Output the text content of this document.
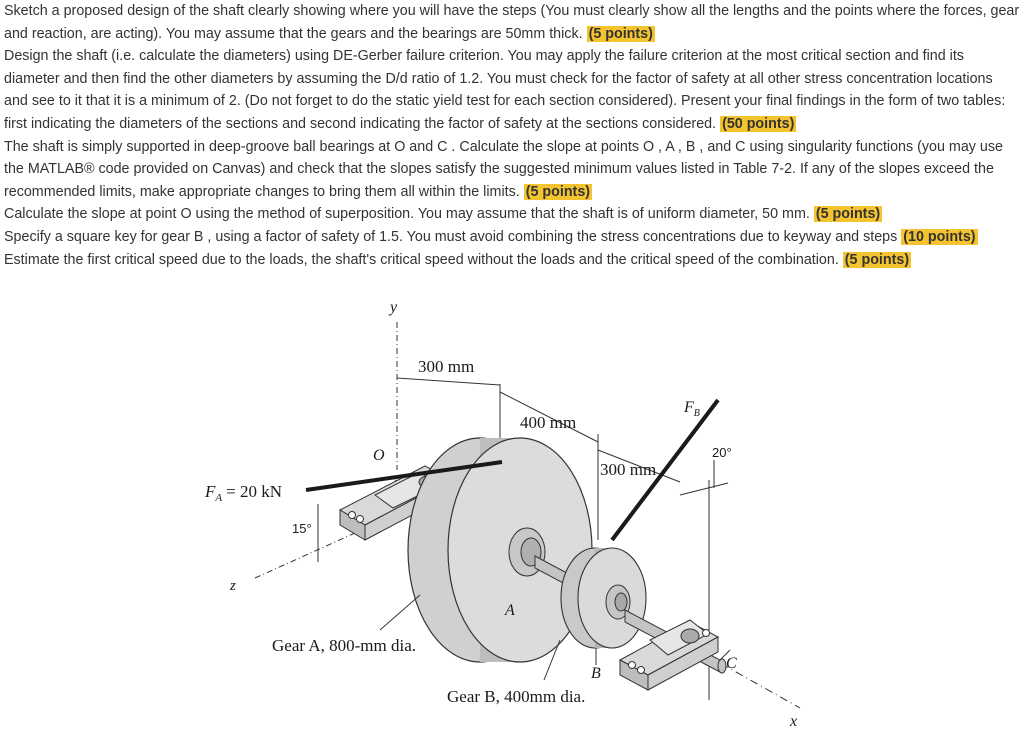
Sketch a proposed design of the shaft clearly showing where you will have the steps (You must clearly show all the lengths and the points where the forces, gear and reaction, are acting). You may assume that the gears and the bearings are 50mm thick. (5 points)

Design the shaft (i.e. calculate the diameters) using DE-Gerber failure criterion. You may apply the failure criterion at the most critical section and find its diameter and then find the other diameters by assuming the D/d ratio of 1.2. You must check for the factor of safety at all other stress concentration locations and see to it that it is a minimum of 2. (Do not forget to do the static yield test for each section considered). Present your final findings in the form of two tables: first indicating the diameters of the sections and second indicating the factor of safety at the sections considered. (50 points)

The shaft is simply supported in deep-groove ball bearings at O and C . Calculate the slope at points O , A , B , and C using singularity functions (you may use the MATLAB® code provided on Canvas) and check that the slopes satisfy the suggested minimum values listed in Table 7-2. If any of the slopes exceed the recommended limits, make appropriate changes to bring them all within the limits. (5 points)

Calculate the slope at point O using the method of superposition. You may assume that the shaft is of uniform diameter, 50 mm. (5 points)

Specify a square key for gear B , using a factor of safety of 1.5. You must avoid combining the stress concentrations due to keyway and steps (10 points)

Estimate the first critical speed due to the loads, the shaft's critical speed without the loads and the critical speed of the combination. (5 points)

y
z
x
300 mm
400 mm
300 mm
O
A
B
C
$F_A = 20$ kN
$F_B$
15°
20°
Gear A, 800-mm dia.
Gear B, 400mm dia.
